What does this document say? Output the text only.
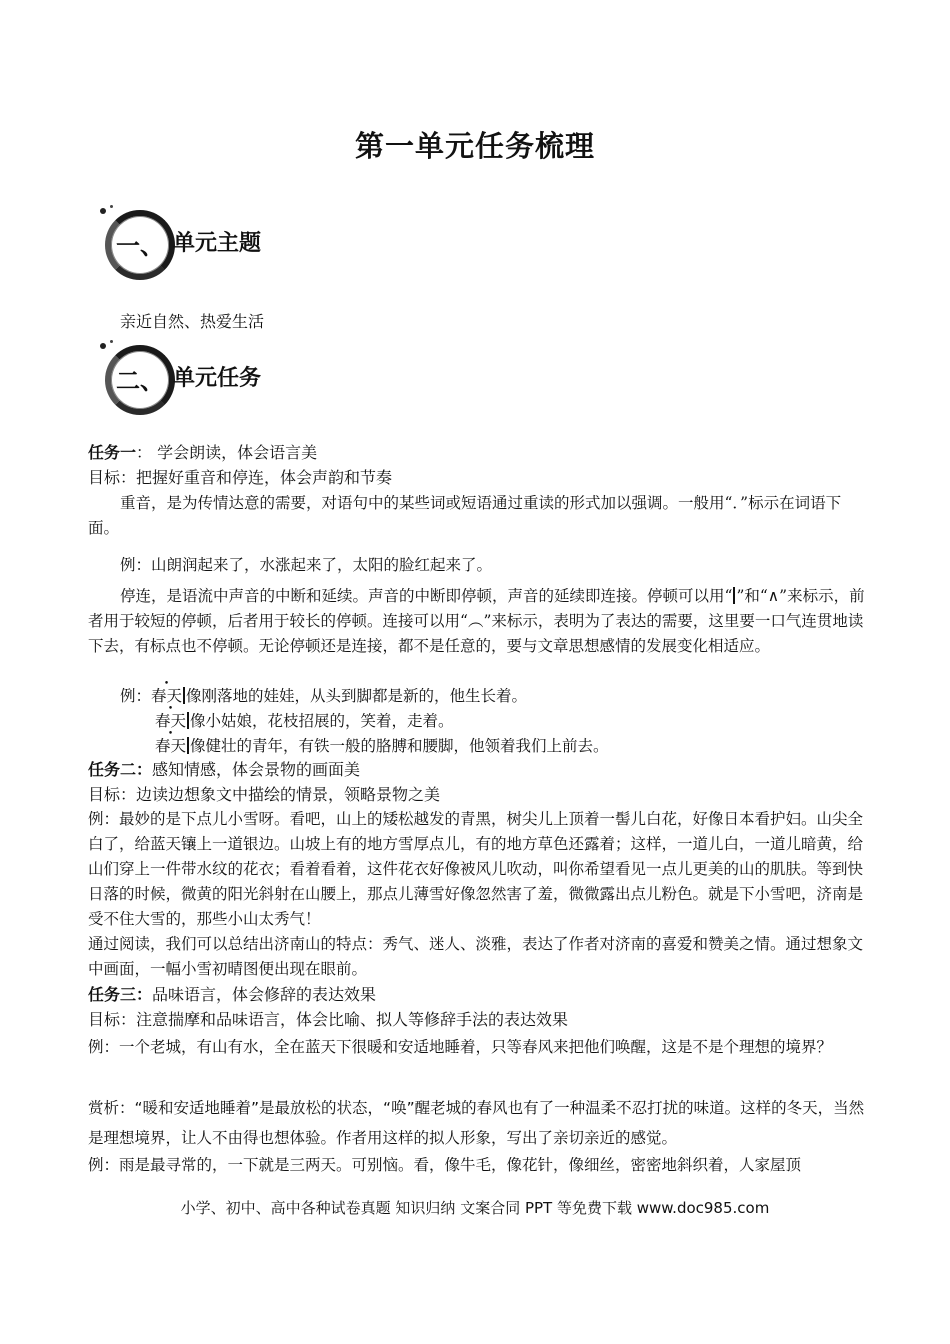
第一单元任务梳理
一、 单元主题
亲近自然、热爱生活
二、 单元任务
任务一： 学会朗读，体会语言美
目标：把握好重音和停连，体会声韵和节奏
重音，是为传情达意的需要，对语句中的某些词或短语通过重读的形式加以强调。一般用“．”标示在词语下面。
例：山朗润起来了，水涨起来了，太阳的脸红起来了。
停连，是语流中声音的中断和延续。声音的中断即停顿，声音的延续即连接。停顿可以用“ ”和“∧”来标示，前者用于较短的停顿，后者用于较长的停顿。连接可以用“︵”来标示，表明为了表达的需要，这里要一口气连贯地读下去，有标点也不停顿。无论停顿还是连接，都不是任意的，要与文章思想感情的发展变化相适应。
例：春天 像刚落地的娃娃，从头到脚都是新的，他生长着。
春天 像小姑娘，花枝招展的，笑着，走着。
春天 像健壮的青年，有铁一般的胳膊和腰脚，他领着我们上前去。
任务二：感知情感，体会景物的画面美
目标：边读边想象文中描绘的情景，领略景物之美
例：最妙的是下点儿小雪呀。看吧，山上的矮松越发的青黑，树尖儿上顶着一髻儿白花，好像日本看护妇。山尖全白了，给蓝天镶上一道银边。山坡上有的地方雪厚点儿，有的地方草色还露着；这样，一道儿白，一道儿暗黄，给山们穿上一件带水纹的花衣；看着看着，这件花衣好像被风儿吹动，叫你希望看见一点儿更美的山的肌肤。等到快日落的时候，微黄的阳光斜射在山腰上，那点儿薄雪好像忽然害了羞，微微露出点儿粉色。就是下小雪吧，济南是受不住大雪的，那些小山太秀气！
通过阅读，我们可以总结出济南山的特点：秀气、迷人、淡雅，表达了作者对济南的喜爱和赞美之情。通过想象文中画面，一幅小雪初晴图便出现在眼前。
任务三：品味语言，体会修辞的表达效果
目标：注意揣摩和品味语言，体会比喻、拟人等修辞手法的表达效果
例：一个老城，有山有水，全在蓝天下很暖和安适地睡着，只等春风来把他们唤醒，这是不是个理想的境界？
赏析：“暖和安适地睡着”是最放松的状态，“唤”醒老城的春风也有了一种温柔不忍打扰的味道。这样的冬天，当然是理想境界，让人不由得也想体验。作者用这样的拟人形象，写出了亲切亲近的感觉。
例：雨是最寻常的，一下就是三两天。可别恼。看，像牛毛，像花针，像细丝，密密地斜织着，人家屋顶
小学、初中、高中各种试卷真题 知识归纳 文案合同 PPT 等免费下载 www.doc985.com
